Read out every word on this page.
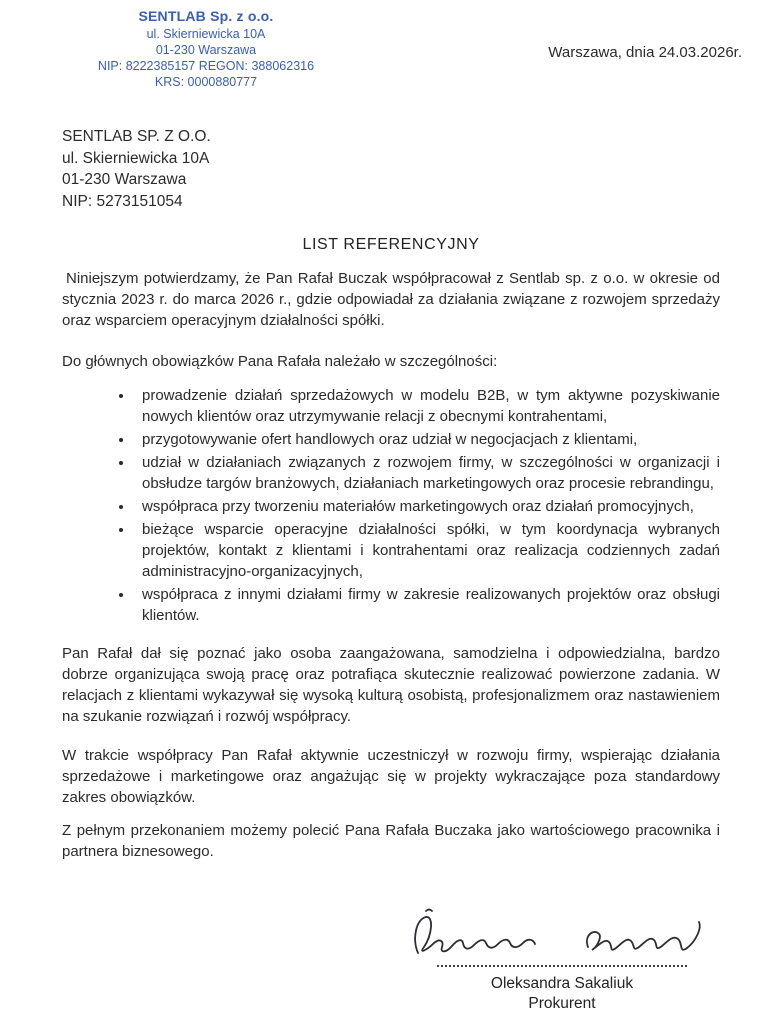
SENTLAB Sp. z o.o.
ul. Skierniewicka 10A
01-230 Warszawa
NIP: 8222385157 REGON: 388062316
KRS: 0000880777
Warszawa, dnia 24.03.2026r.
SENTLAB SP. Z O.O.
ul. Skierniewicka 10A
01-230 Warszawa
NIP: 5273151054
LIST REFERENCYJNY

Niniejszym potwierdzamy, że Pan Rafał Buczak współpracował z Sentlab sp. z o.o. w okresie od stycznia 2023 r. do marca 2026 r., gdzie odpowiadał za działania związane z rozwojem sprzedaży oraz wsparciem operacyjnym działalności spółki.

Do głównych obowiązków Pana Rafała należało w szczególności:
• prowadzenie działań sprzedażowych w modelu B2B, w tym aktywne pozyskiwanie nowych klientów oraz utrzymywanie relacji z obecnymi kontrahentami,
• przygotowywanie ofert handlowych oraz udział w negocjacjach z klientami,
• udział w działaniach związanych z rozwojem firmy, w szczególności w organizacji i obsłudze targów branżowych, działaniach marketingowych oraz procesie rebrandingu,
• współpraca przy tworzeniu materiałów marketingowych oraz działań promocyjnych,
• bieżące wsparcie operacyjne działalności spółki, w tym koordynacja wybranych projektów, kontakt z klientami i kontrahentami oraz realizacja codziennych zadań administracyjno-organizacyjnych,
• współpraca z innymi działami firmy w zakresie realizowanych projektów oraz obsługi klientów.

Pan Rafał dał się poznać jako osoba zaangażowana, samodzielna i odpowiedzialna, bardzo dobrze organizująca swoją pracę oraz potrafiąca skutecznie realizować powierzone zadania. W relacjach z klientami wykazywał się wysoką kulturą osobistą, profesjonalizmem oraz nastawieniem na szukanie rozwiązań i rozwój współpracy.

W trakcie współpracy Pan Rafał aktywnie uczestniczył w rozwoju firmy, wspierając działania sprzedażowe i marketingowe oraz angażując się w projekty wykraczające poza standardowy zakres obowiązków.

Z pełnym przekonaniem możemy polecić Pana Rafała Buczaka jako wartościowego pracownika i partnera biznesowego.

Oleksandra Sakaliuk
Prokurent
